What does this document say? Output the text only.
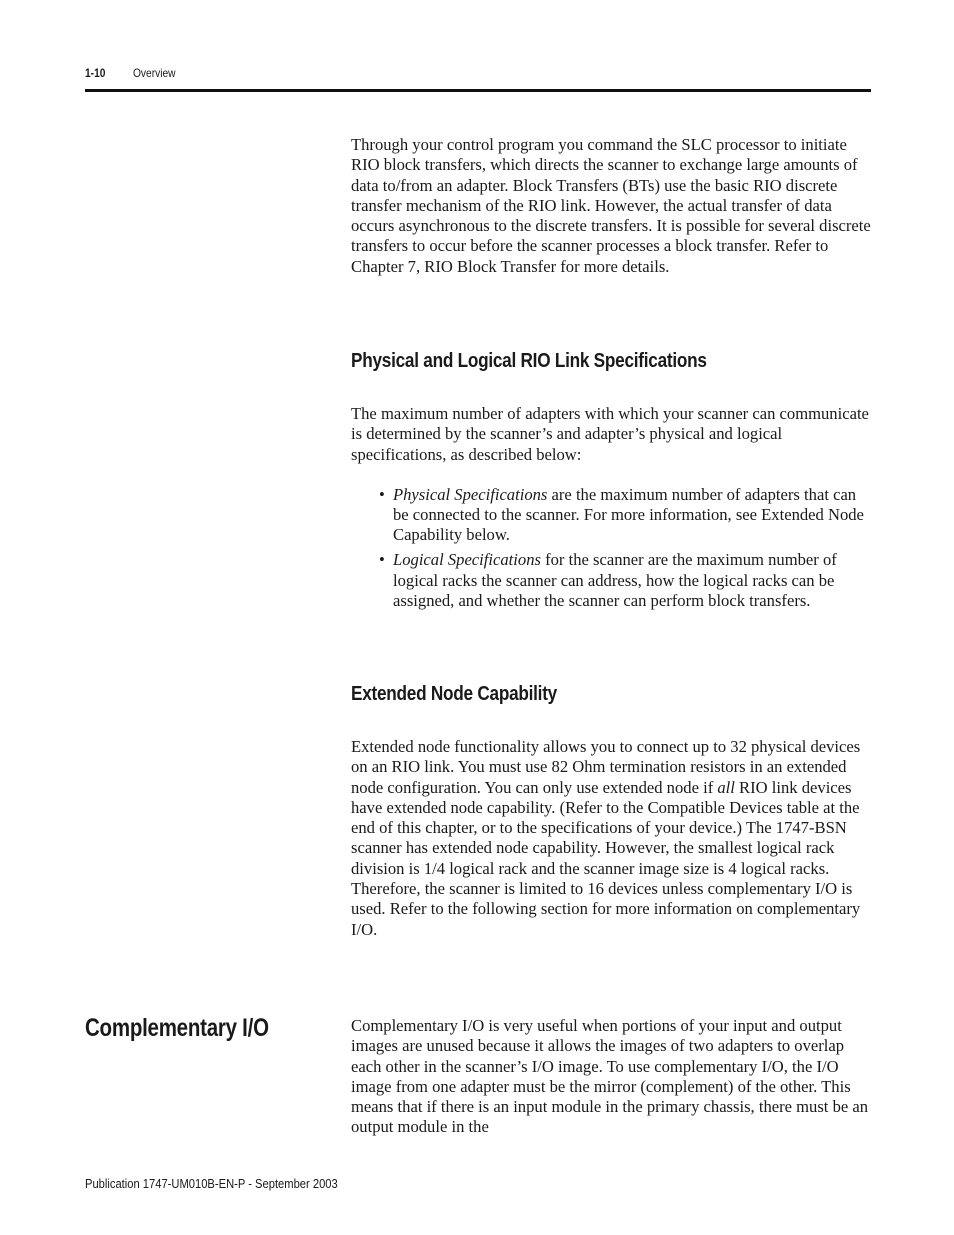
1-10 Overview

Through your control program you command the SLC processor to initiate RIO block transfers, which directs the scanner to exchange large amounts of data to/from an adapter. Block Transfers (BTs) use the basic RIO discrete transfer mechanism of the RIO link. However, the actual transfer of data occurs asynchronous to the discrete transfers. It is possible for several discrete transfers to occur before the scanner processes a block transfer. Refer to Chapter 7, RIO Block Transfer for more details.

Physical and Logical RIO Link Specifications

The maximum number of adapters with which your scanner can communicate is determined by the scanner’s and adapter’s physical and logical specifications, as described below:

• Physical Specifications are the maximum number of adapters that can be connected to the scanner. For more information, see Extended Node Capability below.
• Logical Specifications for the scanner are the maximum number of logical racks the scanner can address, how the logical racks can be assigned, and whether the scanner can perform block transfers.
Extended Node Capability

Extended node functionality allows you to connect up to 32 physical devices on an RIO link. You must use 82 Ohm termination resistors in an extended node configuration. You can only use extended node if all RIO link devices have extended node capability. (Refer to the Compatible Devices table at the end of this chapter, or to the specifications of your device.) The 1747-BSN scanner has extended node capability. However, the smallest logical rack division is 1/4 logical rack and the scanner image size is 4 logical racks. Therefore, the scanner is limited to 16 devices unless complementary I/O is used. Refer to the following section for more information on complementary I/O.

Complementary I/O	Complementary I/O is very useful when portions of your input and output images are unused because it allows the images of two adapters to overlap each other in the scanner’s I/O image. To use complementary I/O, the I/O image from one adapter must be the mirror (complement) of the other. This means that if there is an input module in the primary chassis, there must be an output module in the

Publication 1747-UM010B-EN-P - September 2003
